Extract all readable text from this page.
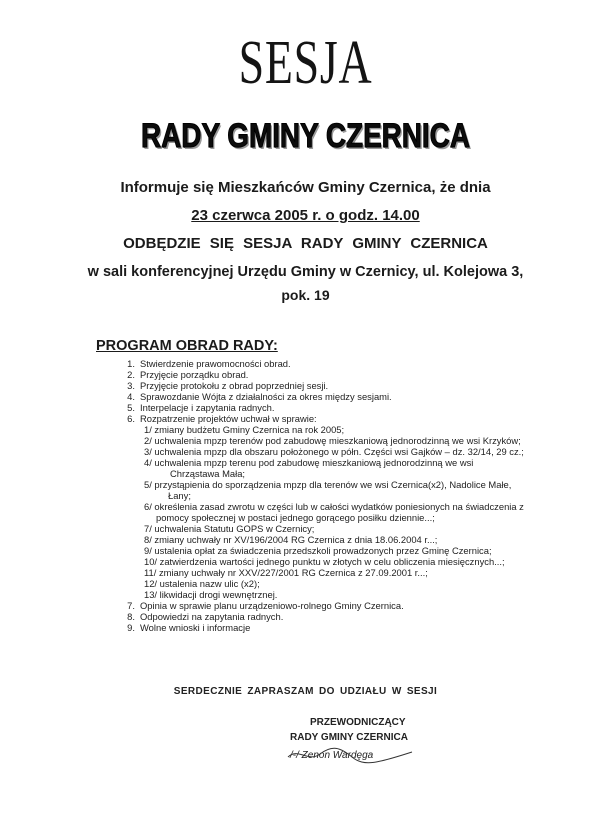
SESJA
RADY GMINY CZERNICA
Informuje się Mieszkańców Gminy Czernica, że dnia
23 czerwca 2005 r. o godz. 14.00
ODBĘDZIE SIĘ SESJA RADY GMINY CZERNICA
w sali konferencyjnej Urzędu Gminy w Czernicy, ul. Kolejowa 3,
pok. 19
PROGRAM OBRAD RADY:
1. Stwierdzenie prawomocności obrad.
2. Przyjęcie porządku obrad.
3. Przyjęcie protokołu z obrad poprzedniej sesji.
4. Sprawozdanie Wójta z działalności za okres między sesjami.
5. Interpelacje i zapytania radnych.
6. Rozpatrzenie projektów uchwał w sprawie:
1/ zmiany budżetu Gminy Czernica na rok 2005;
2/ uchwalenia mpzp terenów pod zabudowę mieszkaniową jednorodzinną we wsi Krzyków;
3/ uchwalenia mpzp dla obszaru położonego w półn. Części wsi Gajków – dz. 32/14, 29 cz.;
4/ uchwalenia mpzp terenu pod zabudowę mieszkaniową jednorodzinną we wsi
Chrząstawa Mała;
5/ przystąpienia do sporządzenia mpzp dla terenów we wsi Czernica(x2), Nadolice Małe,
Łany;
6/ określenia zasad zwrotu w części lub w całości wydatków poniesionych na świadczenia z
pomocy społecznej w postaci jednego gorącego posiłku dziennie...;
7/ uchwalenia Statutu GOPS w Czernicy;
8/ zmiany uchwały nr XV/196/2004 RG Czernica z dnia 18.06.2004 r...;
9/ ustalenia opłat za świadczenia przedszkoli prowadzonych przez Gminę Czernica;
10/ zatwierdzenia wartości jednego punktu w złotych w celu obliczenia miesięcznych...;
11/ zmiany uchwały nr XXV/227/2001 RG Czernica z 27.09.2001 r...;
12/ ustalenia nazw ulic (x2);
13/ likwidacji drogi wewnętrznej.
7. Opinia w sprawie planu urządzeniowo-rolnego Gminy Czernica.
8. Odpowiedzi na zapytania radnych.
9. Wolne wnioski i informacje
SERDECZNIE ZAPRASZAM DO UDZIAŁU W SESJI
PRZEWODNICZĄCY
RADY GMINY CZERNICA
/-/ Zenon Wardęga
